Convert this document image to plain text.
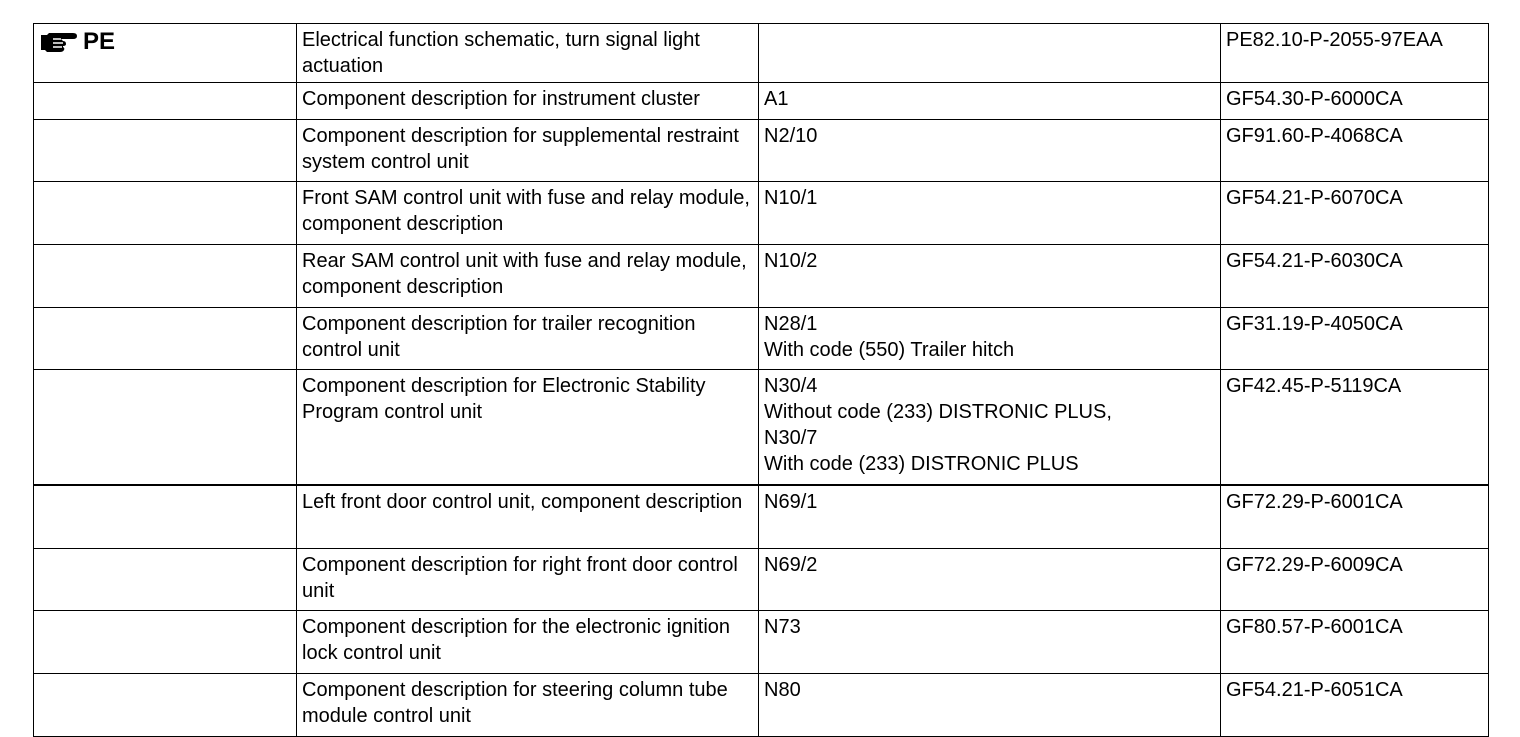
PE	Electrical function schematic, turn signal light actuation		PE82.10-P-2055-97EAA
	Component description for instrument cluster	A1	GF54.30-P-6000CA
	Component description for supplemental restraint system control unit	N2/10	GF91.60-P-4068CA
	Front SAM control unit with fuse and relay module, component description	N10/1	GF54.21-P-6070CA
	Rear SAM control unit with fuse and relay module, component description	N10/2	GF54.21-P-6030CA
	Component description for trailer recognition control unit	N28/1
With code (550) Trailer hitch	GF31.19-P-4050CA
	Component description for Electronic Stability Program control unit	N30/4
Without code (233) DISTRONIC PLUS,
N30/7
With code (233) DISTRONIC PLUS	GF42.45-P-5119CA
	Left front door control unit, component description	N69/1	GF72.29-P-6001CA
	Component description for right front door control unit	N69/2	GF72.29-P-6009CA
	Component description for the electronic ignition lock control unit	N73	GF80.57-P-6001CA
	Component description for steering column tube module control unit	N80	GF54.21-P-6051CA
